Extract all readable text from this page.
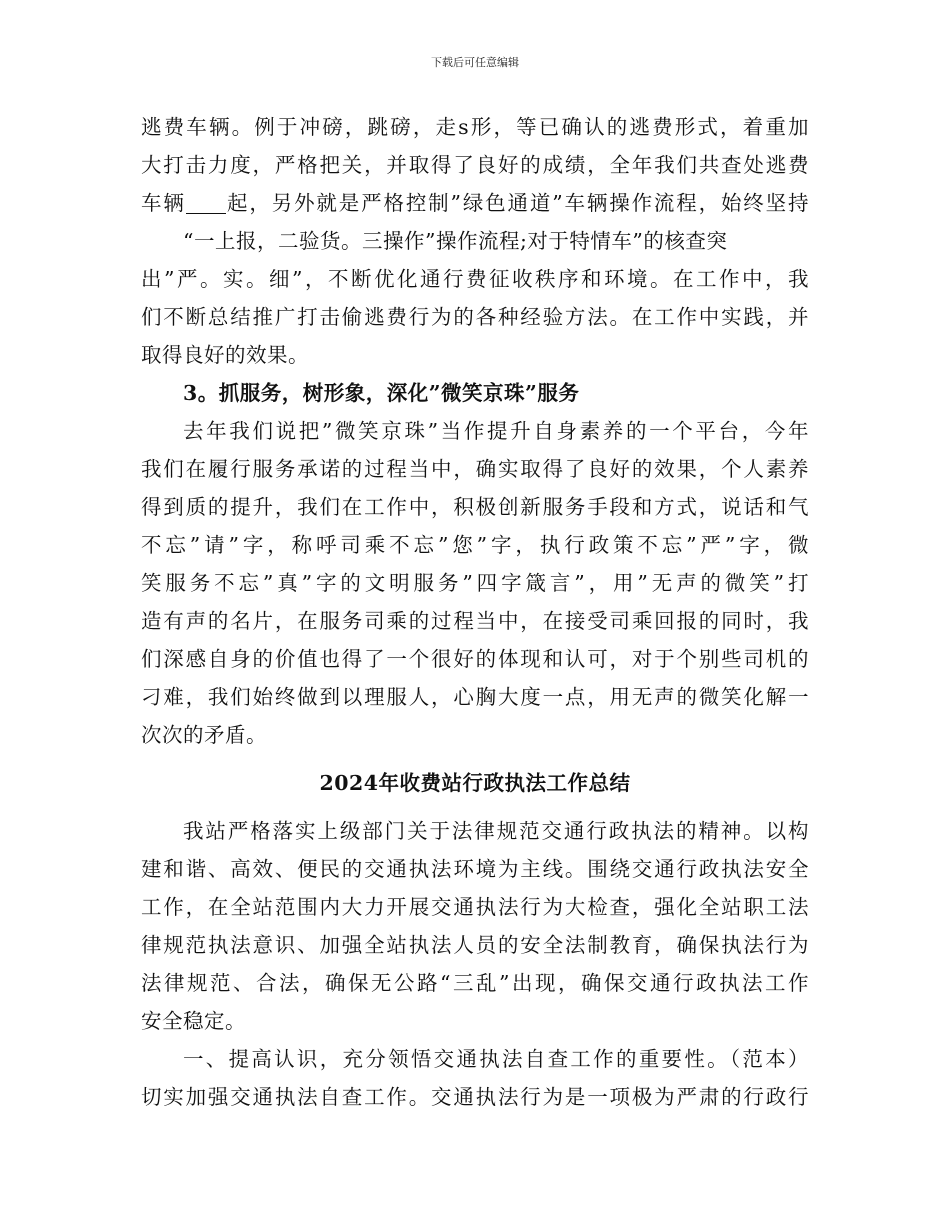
下载后可任意编辑
逃费车辆。例于冲磅，跳磅，走s形，等已确认的逃费形式，着重加
大打击力度，严格把关，并取得了良好的成绩，全年我们共查处逃费
车辆 起，另外就是严格控制”绿色通道”车辆操作流程，始终坚持
“一上报，二验货。三操作”操作流程;对于特情车”的核查突
出”严。实。细”，不断优化通行费征收秩序和环境。在工作中，我
们不断总结推广打击偷逃费行为的各种经验方法。在工作中实践，并
取得良好的效果。
3。抓服务，树形象，深化”微笑京珠”服务
去年我们说把”微笑京珠”当作提升自身素养的一个平台，今年
我们在履行服务承诺的过程当中，确实取得了良好的效果，个人素养
得到质的提升，我们在工作中，积极创新服务手段和方式，说话和气
不忘”请”字，称呼司乘不忘”您”字，执行政策不忘”严”字，微
笑服务不忘”真”字的文明服务”四字箴言”，用”无声的微笑”打
造有声的名片，在服务司乘的过程当中，在接受司乘回报的同时，我
们深感自身的价值也得了一个很好的体现和认可，对于个别些司机的
刁难，我们始终做到以理服人，心胸大度一点，用无声的微笑化解一
次次的矛盾。
2024年收费站行政执法工作总结
我站严格落实上级部门关于法律规范交通行政执法的精神。以构
建和谐、高效、便民的交通执法环境为主线。围绕交通行政执法安全
工作，在全站范围内大力开展交通执法行为大检查，强化全站职工法
律规范执法意识、加强全站执法人员的安全法制教育，确保执法行为
法律规范、合法，确保无公路“三乱”出现，确保交通行政执法工作
安全稳定。
一、提高认识，充分领悟交通执法自查工作的重要性。（范本）
切实加强交通执法自查工作。交通执法行为是一项极为严肃的行政行
